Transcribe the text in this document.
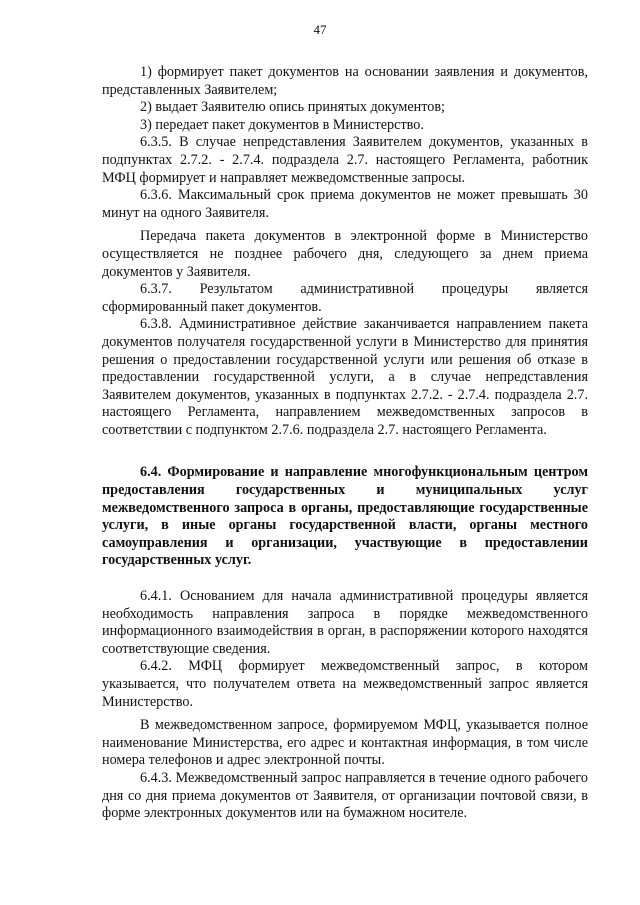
47

1) формирует пакет документов на основании заявления и документов, представленных Заявителем;

2) выдает Заявителю опись принятых документов;

3) передает пакет документов в Министерство.

6.3.5. В случае непредставления Заявителем документов, указанных в подпунктах 2.7.2. - 2.7.4. подраздела 2.7. настоящего Регламента, работник МФЦ формирует и направляет межведомственные запросы.

6.3.6. Максимальный срок приема документов не может превышать 30 минут на одного Заявителя.

Передача пакета документов в электронной форме в Министерство осуществляется не позднее рабочего дня, следующего за днем приема документов у Заявителя.

6.3.7. Результатом административной процедуры является сформированный пакет документов.

6.3.8. Административное действие заканчивается направлением пакета документов получателя государственной услуги в Министерство для принятия решения о предоставлении государственной услуги или решения об отказе в предоставлении государственной услуги, а в случае непредставления Заявителем документов, указанных в подпунктах 2.7.2. - 2.7.4. подраздела 2.7. настоящего Регламента, направлением межведомственных запросов в соответствии с подпунктом 2.7.6. подраздела 2.7. настоящего Регламента.

6.4. Формирование и направление многофункциональным центром предоставления государственных и муниципальных услуг межведомственного запроса в органы, предоставляющие государственные услуги, в иные органы государственной власти, органы местного самоуправления и организации, участвующие в предоставлении государственных услуг.

6.4.1. Основанием для начала административной процедуры является необходимость направления запроса в порядке межведомственного информационного взаимодействия в орган, в распоряжении которого находятся соответствующие сведения.

6.4.2. МФЦ формирует межведомственный запрос, в котором указывается, что получателем ответа на межведомственный запрос является Министерство.

В межведомственном запросе, формируемом МФЦ, указывается полное наименование Министерства, его адрес и контактная информация, в том числе номера телефонов и адрес электронной почты.

6.4.3. Межведомственный запрос направляется в течение одного рабочего дня со дня приема документов от Заявителя, от организации почтовой связи, в форме электронных документов или на бумажном носителе.
